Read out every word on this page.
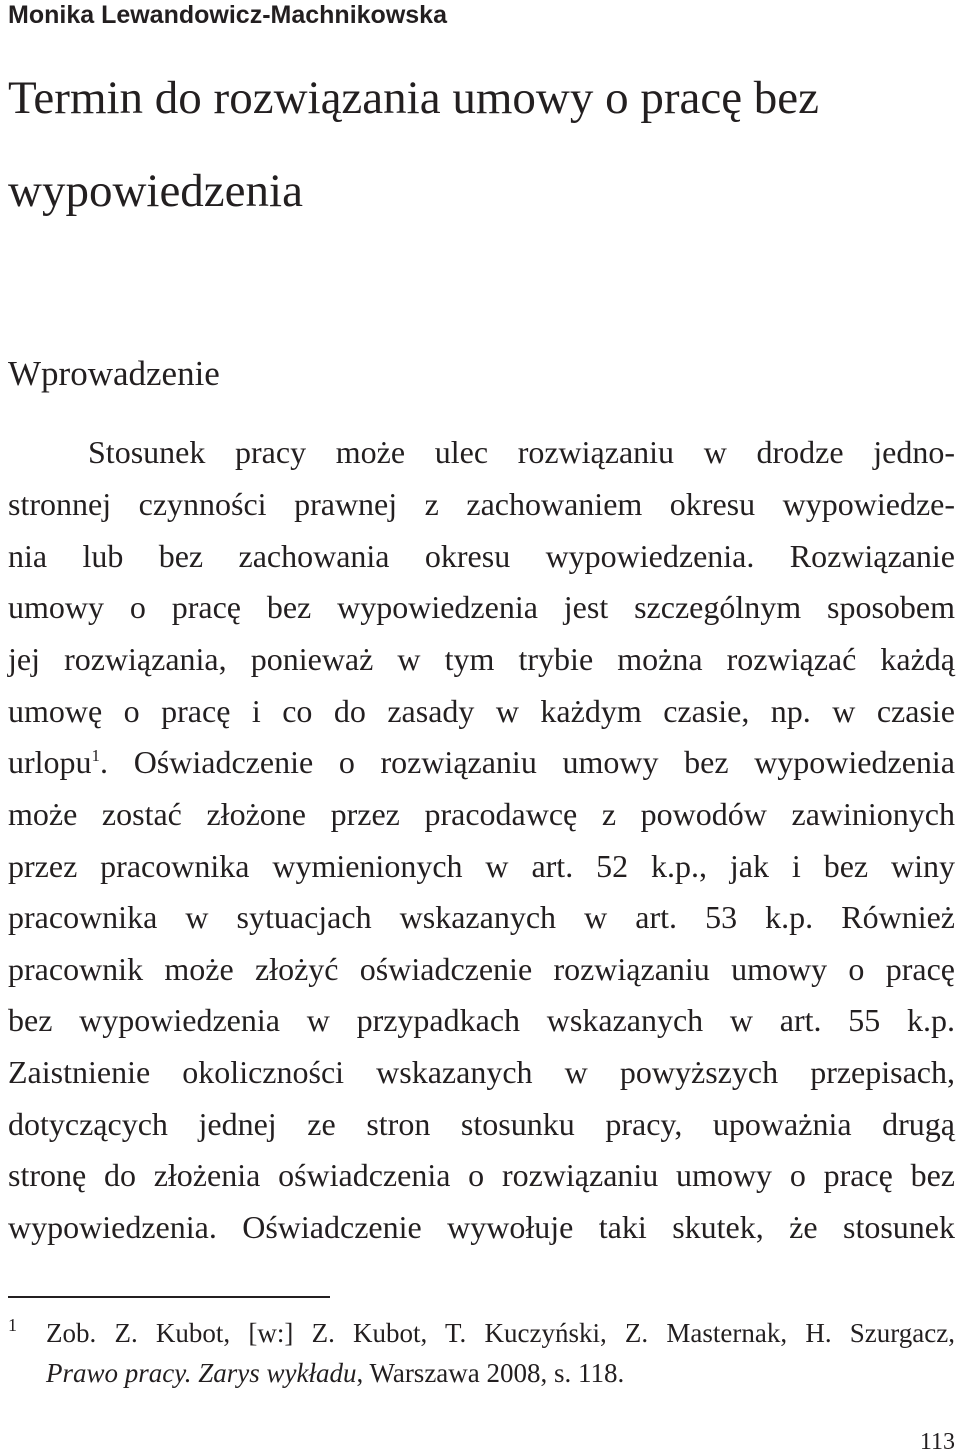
Monika Lewandowicz-Machnikowska
Termin do rozwiązania umowy o pracę bez
wypowiedzenia
Wprowadzenie
Stosunek pracy może ulec rozwiązaniu w drodze jedno-
stronnej czynności prawnej z zachowaniem okresu wypowiedze-
nia lub bez zachowania okresu wypowiedzenia. Rozwiązanie
umowy o pracę bez wypowiedzenia jest szczególnym sposobem
jej rozwiązania, ponieważ w tym trybie można rozwiązać każdą
umowę o pracę i co do zasady w każdym czasie, np. w czasie
urlopu$^1$. Oświadczenie o rozwiązaniu umowy bez wypowiedzenia
może zostać złożone przez pracodawcę z powodów zawinionych
przez pracownika wymienionych w art. 52 k.p., jak i bez winy
pracownika w sytuacjach wskazanych w art. 53 k.p. Również
pracownik może złożyć oświadczenie rozwiązaniu umowy o pracę
bez wypowiedzenia w przypadkach wskazanych w art. 55 k.p.
Zaistnienie okoliczności wskazanych w powyższych przepisach,
dotyczących jednej ze stron stosunku pracy, upoważnia drugą
stronę do złożenia oświadczenia o rozwiązaniu umowy o pracę bez
wypowiedzenia. Oświadczenie wywołuje taki skutek, że stosunek
1 Zob. Z. Kubot, [w:] Z. Kubot, T. Kuczyński, Z. Masternak, H. Szurgacz,
Prawo pracy. Zarys wykładu, Warszawa 2008, s. 118.
113
